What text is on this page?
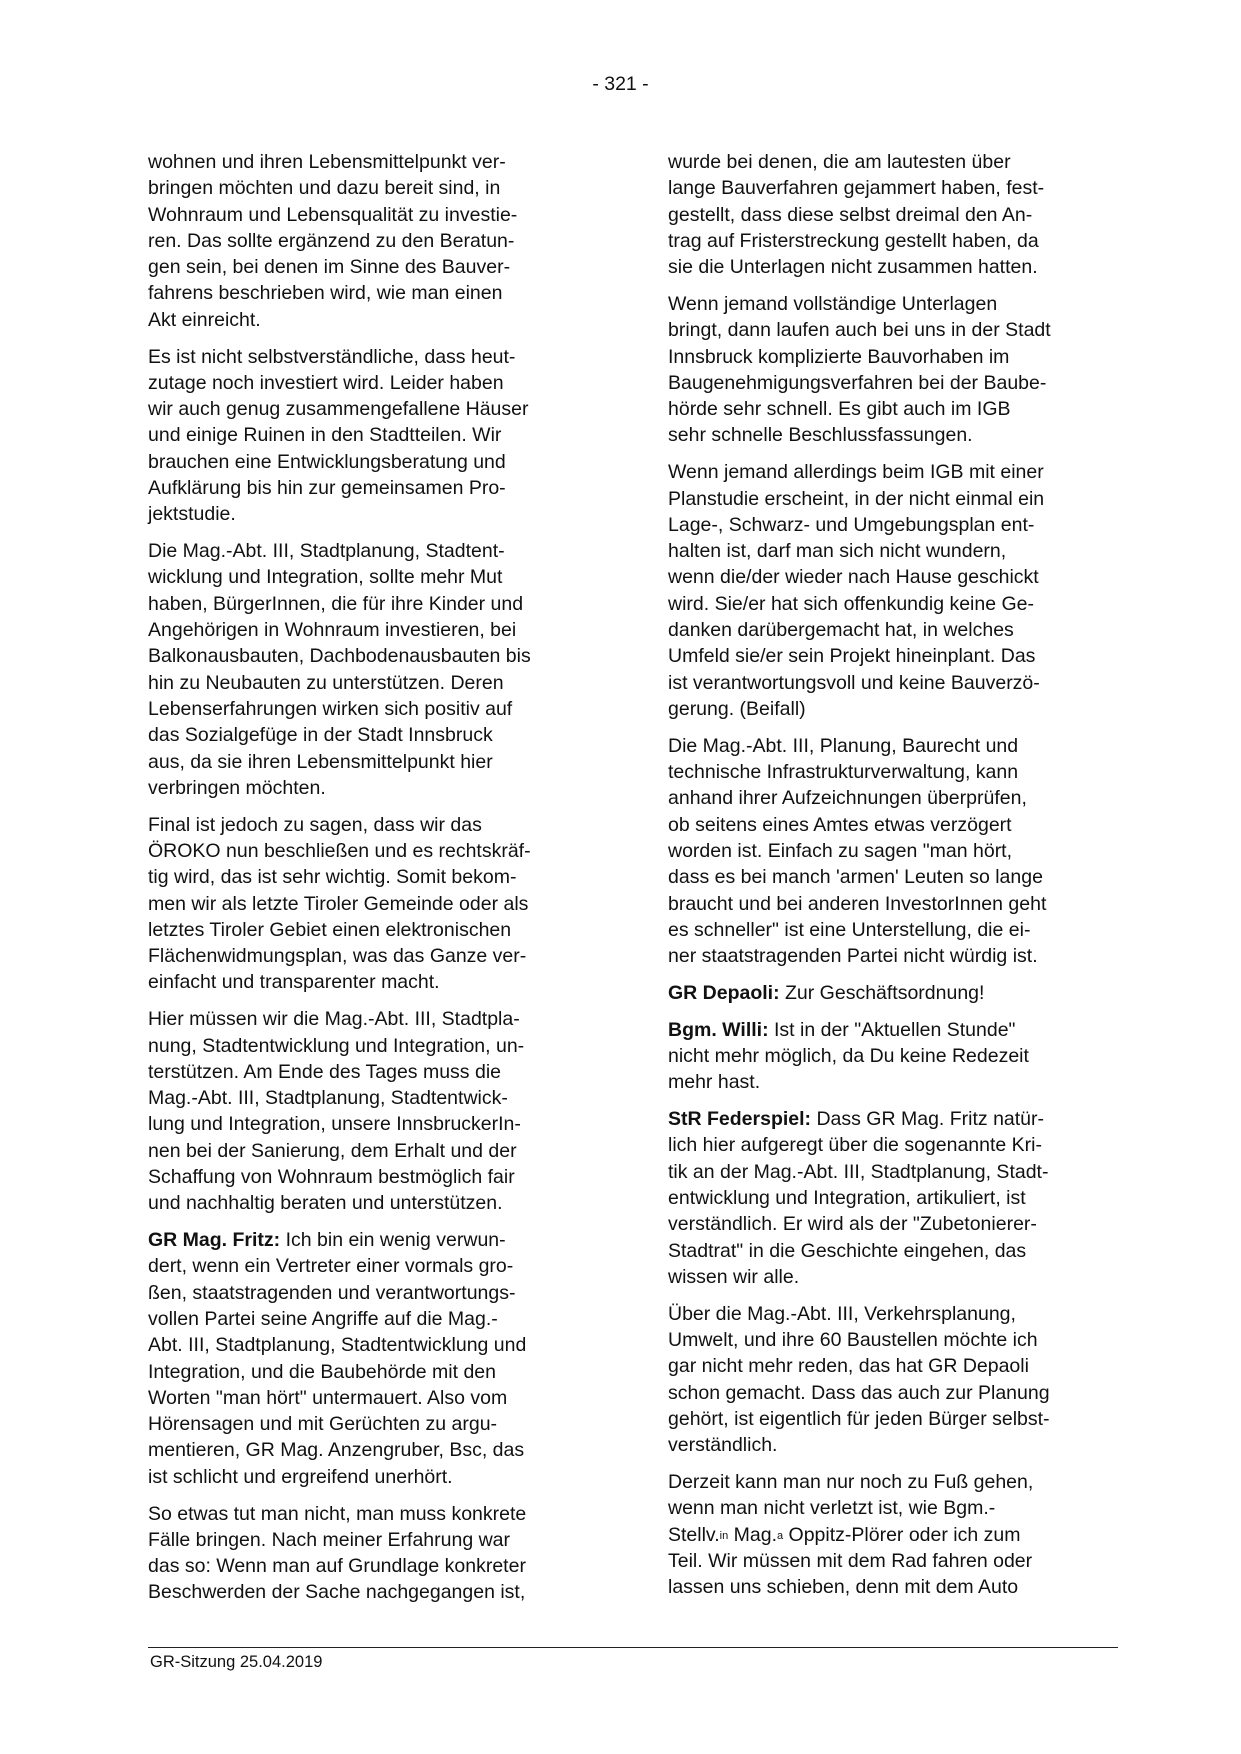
- 321 -

wohnen und ihren Lebensmittelpunkt ver-
bringen möchten und dazu bereit sind, in
Wohnraum und Lebensqualität zu investie-
ren. Das sollte ergänzend zu den Beratun-
gen sein, bei denen im Sinne des Bauver-
fahrens beschrieben wird, wie man einen
Akt einreicht.

Es ist nicht selbstverständliche, dass heut-
zutage noch investiert wird. Leider haben
wir auch genug zusammengefallene Häuser
und einige Ruinen in den Stadtteilen. Wir
brauchen eine Entwicklungsberatung und
Aufklärung bis hin zur gemeinsamen Pro-
jektstudie.

Die Mag.-Abt. III, Stadtplanung, Stadtent-
wicklung und Integration, sollte mehr Mut
haben, BürgerInnen, die für ihre Kinder und
Angehörigen in Wohnraum investieren, bei
Balkonausbauten, Dachbodenausbauten bis
hin zu Neubauten zu unterstützen. Deren
Lebenserfahrungen wirken sich positiv auf
das Sozialgefüge in der Stadt Innsbruck
aus, da sie ihren Lebensmittelpunkt hier
verbringen möchten.

Final ist jedoch zu sagen, dass wir das
ÖROKO nun beschließen und es rechtskräf-
tig wird, das ist sehr wichtig. Somit bekom-
men wir als letzte Tiroler Gemeinde oder als
letztes Tiroler Gebiet einen elektronischen
Flächenwidmungsplan, was das Ganze ver-
einfacht und transparenter macht.

Hier müssen wir die Mag.-Abt. III, Stadtpla-
nung, Stadtentwicklung und Integration, un-
terstützen. Am Ende des Tages muss die
Mag.-Abt. III, Stadtplanung, Stadtentwick-
lung und Integration, unsere InnsbruckerIn-
nen bei der Sanierung, dem Erhalt und der
Schaffung von Wohnraum bestmöglich fair
und nachhaltig beraten und unterstützen.

GR Mag. Fritz: Ich bin ein wenig verwun-
dert, wenn ein Vertreter einer vormals gro-
ßen, staatstragenden und verantwortungs-
vollen Partei seine Angriffe auf die Mag.-
Abt. III, Stadtplanung, Stadtentwicklung und
Integration, und die Baubehörde mit den
Worten "man hört" untermauert. Also vom
Hörensagen und mit Gerüchten zu argu-
mentieren, GR Mag. Anzengruber, Bsc, das
ist schlicht und ergreifend unerhört.

So etwas tut man nicht, man muss konkrete
Fälle bringen. Nach meiner Erfahrung war
das so: Wenn man auf Grundlage konkreter
Beschwerden der Sache nachgegangen ist,

wurde bei denen, die am lautesten über
lange Bauverfahren gejammert haben, fest-
gestellt, dass diese selbst dreimal den An-
trag auf Fristerstreckung gestellt haben, da
sie die Unterlagen nicht zusammen hatten.

Wenn jemand vollständige Unterlagen
bringt, dann laufen auch bei uns in der Stadt
Innsbruck komplizierte Bauvorhaben im
Baugenehmigungsverfahren bei der Baube-
hörde sehr schnell. Es gibt auch im IGB
sehr schnelle Beschlussfassungen.

Wenn jemand allerdings beim IGB mit einer
Planstudie erscheint, in der nicht einmal ein
Lage-, Schwarz- und Umgebungsplan ent-
halten ist, darf man sich nicht wundern,
wenn die/der wieder nach Hause geschickt
wird. Sie/er hat sich offenkundig keine Ge-
danken darübergemacht hat, in welches
Umfeld sie/er sein Projekt hineinplant. Das
ist verantwortungsvoll und keine Bauverzö-
gerung. (Beifall)

Die Mag.-Abt. III, Planung, Baurecht und
technische Infrastrukturverwaltung, kann
anhand ihrer Aufzeichnungen überprüfen,
ob seitens eines Amtes etwas verzögert
worden ist. Einfach zu sagen "man hört,
dass es bei manch 'armen' Leuten so lange
braucht und bei anderen InvestorInnen geht
es schneller" ist eine Unterstellung, die ei-
ner staatstragenden Partei nicht würdig ist.

GR Depaoli: Zur Geschäftsordnung!

Bgm. Willi: Ist in der "Aktuellen Stunde"
nicht mehr möglich, da Du keine Redezeit
mehr hast.

StR Federspiel: Dass GR Mag. Fritz natür-
lich hier aufgeregt über die sogenannte Kri-
tik an der Mag.-Abt. III, Stadtplanung, Stadt-
entwicklung und Integration, artikuliert, ist
verständlich. Er wird als der "Zubetonierer-
Stadtrat" in die Geschichte eingehen, das
wissen wir alle.

Über die Mag.-Abt. III, Verkehrsplanung,
Umwelt, und ihre 60 Baustellen möchte ich
gar nicht mehr reden, das hat GR Depaoli
schon gemacht. Dass das auch zur Planung
gehört, ist eigentlich für jeden Bürger selbst-
verständlich.

Derzeit kann man nur noch zu Fuß gehen,
wenn man nicht verletzt ist, wie Bgm.-
Stellv.$^{in}$ Mag.$^a$ Oppitz-Plörer oder ich zum
Teil. Wir müssen mit dem Rad fahren oder
lassen uns schieben, denn mit dem Auto

GR-Sitzung 25.04.2019
